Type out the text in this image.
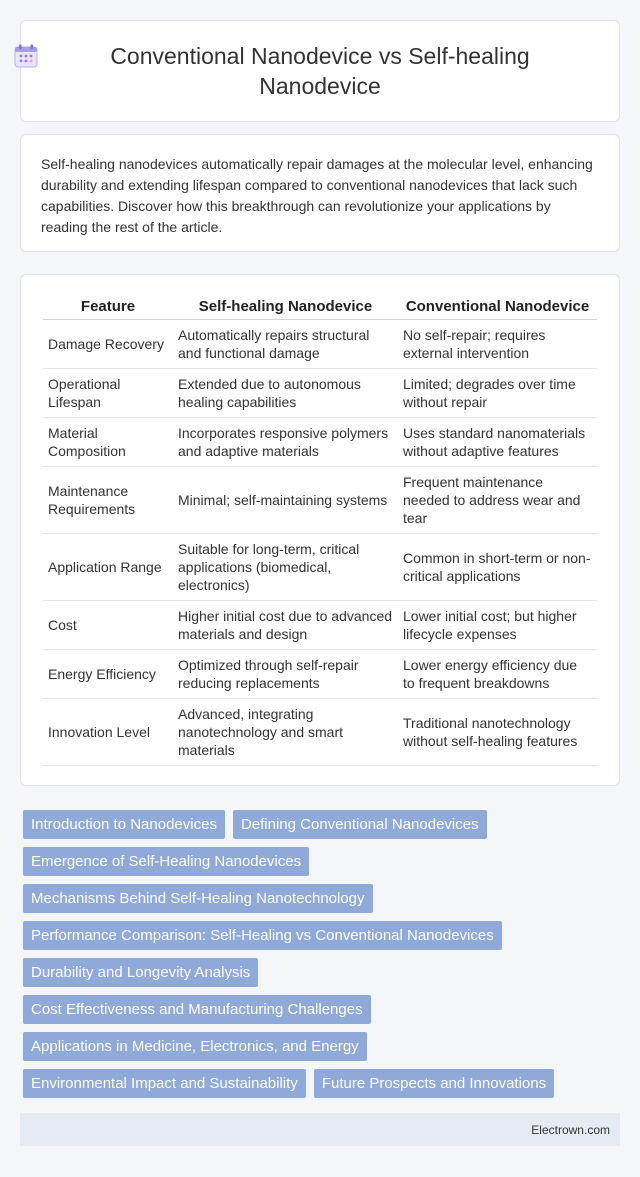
Conventional Nanodevice vs Self-healing Nanodevice

Self-healing nanodevices automatically repair damages at the molecular level, enhancing durability and extending lifespan compared to conventional nanodevices that lack such capabilities. Discover how this breakthrough can revolutionize your applications by reading the rest of the article.

Feature	Self-healing Nanodevice	Conventional Nanodevice
Damage Recovery	Automatically repairs structural and functional damage	No self-repair; requires external intervention
Operational Lifespan	Extended due to autonomous healing capabilities	Limited; degrades over time without repair
Material Composition	Incorporates responsive polymers and adaptive materials	Uses standard nanomaterials without adaptive features
Maintenance Requirements	Minimal; self-maintaining systems	Frequent maintenance needed to address wear and tear
Application Range	Suitable for long-term, critical applications (biomedical, electronics)	Common in short-term or non-critical applications
Cost	Higher initial cost due to advanced materials and design	Lower initial cost; but higher lifecycle expenses
Energy Efficiency	Optimized through self-repair reducing replacements	Lower energy efficiency due to frequent breakdowns
Innovation Level	Advanced, integrating nanotechnology and smart materials	Traditional nanotechnology without self-healing features
Introduction to Nanodevices	Defining Conventional Nanodevices
Emergence of Self-Healing Nanodevices
Mechanisms Behind Self-Healing Nanotechnology
Performance Comparison: Self-Healing vs Conventional Nanodevices
Durability and Longevity Analysis
Cost Effectiveness and Manufacturing Challenges
Applications in Medicine, Electronics, and Energy
Environmental Impact and Sustainability	Future Prospects and Innovations
Electrown.com
